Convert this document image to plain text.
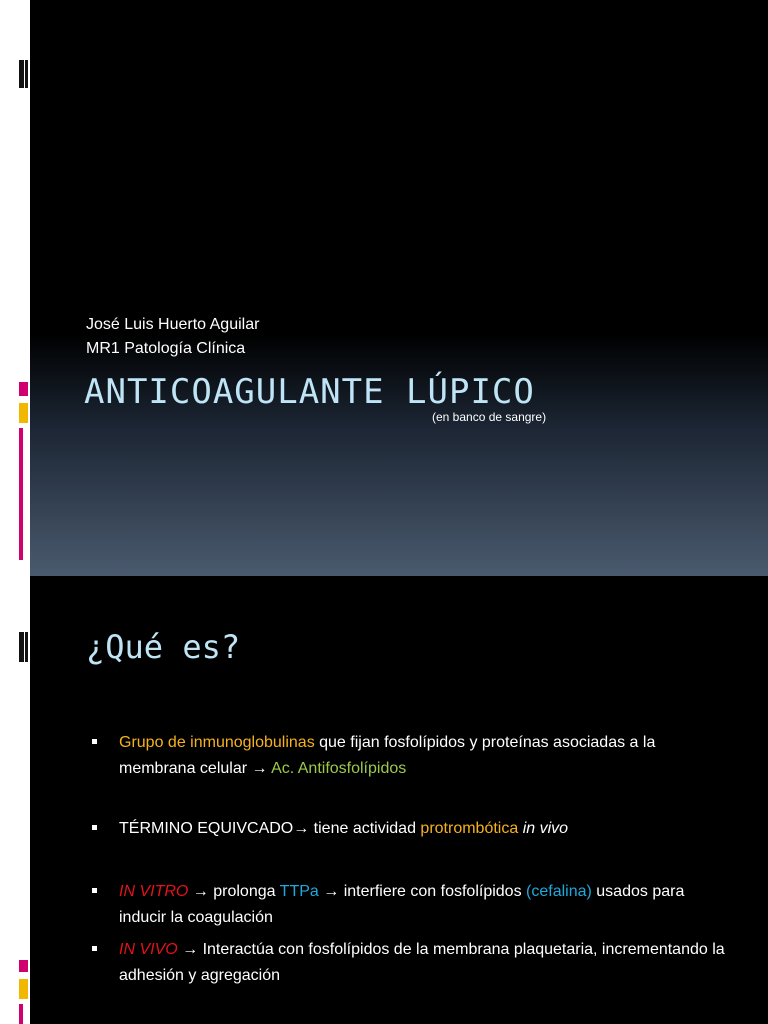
José Luis Huerto Aguilar
MR1 Patología Clínica
ANTICOAGULANTE LÚPICO
(en banco de sangre)
¿Qué es?
Grupo de inmunoglobulinas que fijan fosfolípidos y proteínas asociadas a la membrana celular → Ac. Antifosfolípidos
TÉRMINO EQUIVCADO→ tiene actividad protrombótica in vivo
IN VITRO → prolonga TTPa → interfiere con fosfolípidos (cefalina) usados para inducir la coagulación
IN VIVO → Interactúa con fosfolípidos de la membrana plaquetaria, incrementando la adhesión y agregación
